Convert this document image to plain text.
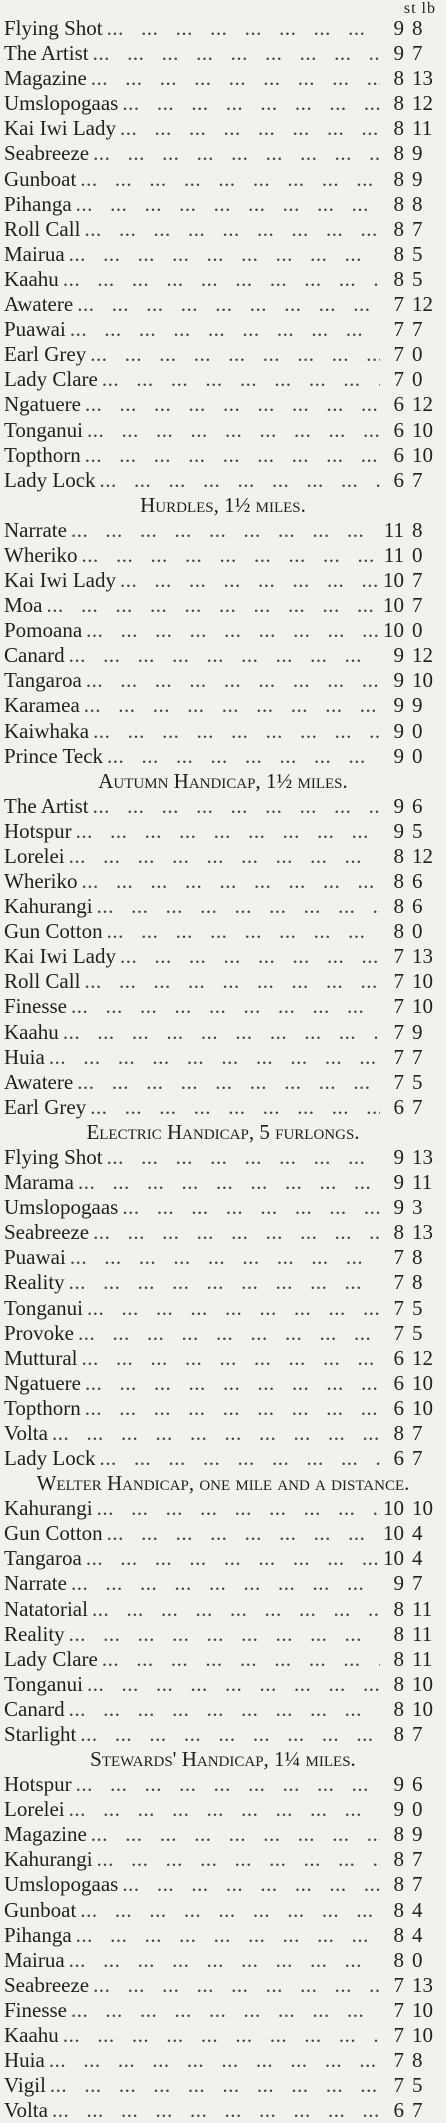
st lb
Flying Shot ...	9 8
The Artist ...	9 7
Magazine ...	8 13
Umslopogaas ...	8 12
Kai Iwi Lady ...	8 11
Seabreeze ...	8 9
Gunboat ...	8 9
Pihanga ...	8 8
Roll Call ...	8 7
Mairua ...	8 5
Kaahu ...	8 5
Awatere ...	7 12
Puawai ...	7 7
Earl Grey ...	7 0
Lady Clare ...	7 0
Ngatuere ...	6 12
Tonganui ...	6 10
Topthorn ...	6 10
Lady Lock ...	6 7
Hurdles, 1½ miles.
Narrate ...	11 8
Wheriko ...	11 0
Kai Iwi Lady ...	10 7
Moa ...	10 7
Pomoana ...	10 0
Canard ...	9 12
Tangaroa ...	9 10
Karamea ...	9 9
Kaiwhaka ...	9 0
Prince Teck ...	9 0
Autumn Handicap, 1½ miles.
The Artist ...	9 6
Hotspur ...	9 5
Lorelei ...	8 12
Wheriko ...	8 6
Kahurangi ...	8 6
Gun Cotton ...	8 0
Kai Iwi Lady ...	7 13
Roll Call ...	7 10
Finesse ...	7 10
Kaahu ...	7 9
Huia ...	7 7
Awatere ...	7 5
Earl Grey ...	6 7
Electric Handicap, 5 furlongs.
Flying Shot ...	9 13
Marama ...	9 11
Umslopogaas ...	9 3
Seabreeze ...	8 13
Puawai ...	7 8
Reality ...	7 8
Tonganui ...	7 5
Provoke ...	7 5
Muttural ...	6 12
Ngatuere ...	6 10
Topthorn ...	6 10
Volta ...	8 7
Lady Lock ...	6 7
Welter Handicap, one mile and a distance.
Kahurangi ...	10 10
Gun Cotton ...	10 4
Tangaroa ...	10 4
Narrate ...	9 7
Natatorial ...	8 11
Reality ...	8 11
Lady Clare ...	8 11
Tonganui ...	8 10
Canard ...	8 10
Starlight ...	8 7
Stewards' Handicap, 1¼ miles.
Hotspur ...	9 6
Lorelei ...	9 0
Magazine ...	8 9
Kahurangi ...	8 7
Umslopogaas ...	8 7
Gunboat ...	8 4
Pihanga ...	8 4
Mairua ...	8 0
Seabreeze ...	7 13
Finesse ...	7 10
Kaahu ...	7 10
Huia ...	7 8
Vigil ...	7 5
Volta ...	6 7
